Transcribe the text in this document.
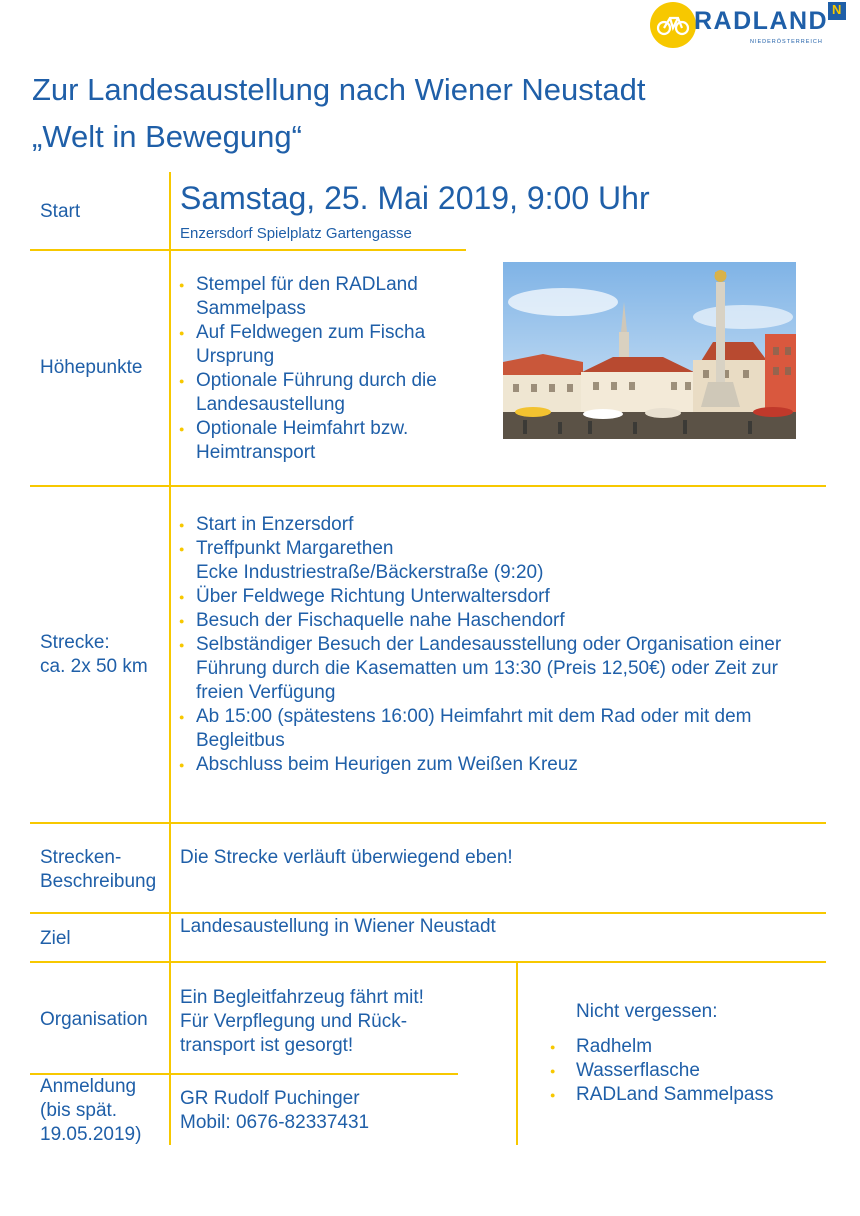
RADLAND N
NIEDERÖSTERREICH
Zur Landesaustellung nach Wiener Neustadt
„Welt in Bewegung“
Start	Samstag, 25. Mai 2019, 9:00 Uhr
Enzersdorf Spielplatz Gartengasse
Höhepunkte
● Stempel für den RADLand Sammelpass
● Auf Feldwegen zum Fischa Ursprung
● Optionale Führung durch die Landesaustellung
● Optionale Heimfahrt bzw. Heimtransport
Strecke:
ca. 2x 50 km
● Start in Enzersdorf
● Treffpunkt Margarethen
Ecke Industriestraße/Bäckerstraße (9:20)
● Über Feldwege Richtung Unterwaltersdorf
● Besuch der Fischaquelle nahe Haschendorf
● Selbständiger Besuch der Landesausstellung oder Organisation einer Führung durch die Kasematten um 13:30 (Preis 12,50€) oder Zeit zur freien Verfügung
● Ab 15:00 (spätestens 16:00) Heimfahrt mit dem Rad oder mit dem Begleitbus
● Abschluss beim Heurigen zum Weißen Kreuz
Strecken-
Beschreibung
Die Strecke verläuft überwiegend eben!
Ziel
Landesaustellung in Wiener Neustadt
Organisation
Ein Begleitfahrzeug fährt mit!
Für Verpflegung und Rück-
transport ist gesorgt!
Anmeldung
(bis spät.
19.05.2019)
GR Rudolf Puchinger
Mobil: 0676-82337431
Nicht vergessen:
● Radhelm
● Wasserflasche
● RADLand Sammelpass
